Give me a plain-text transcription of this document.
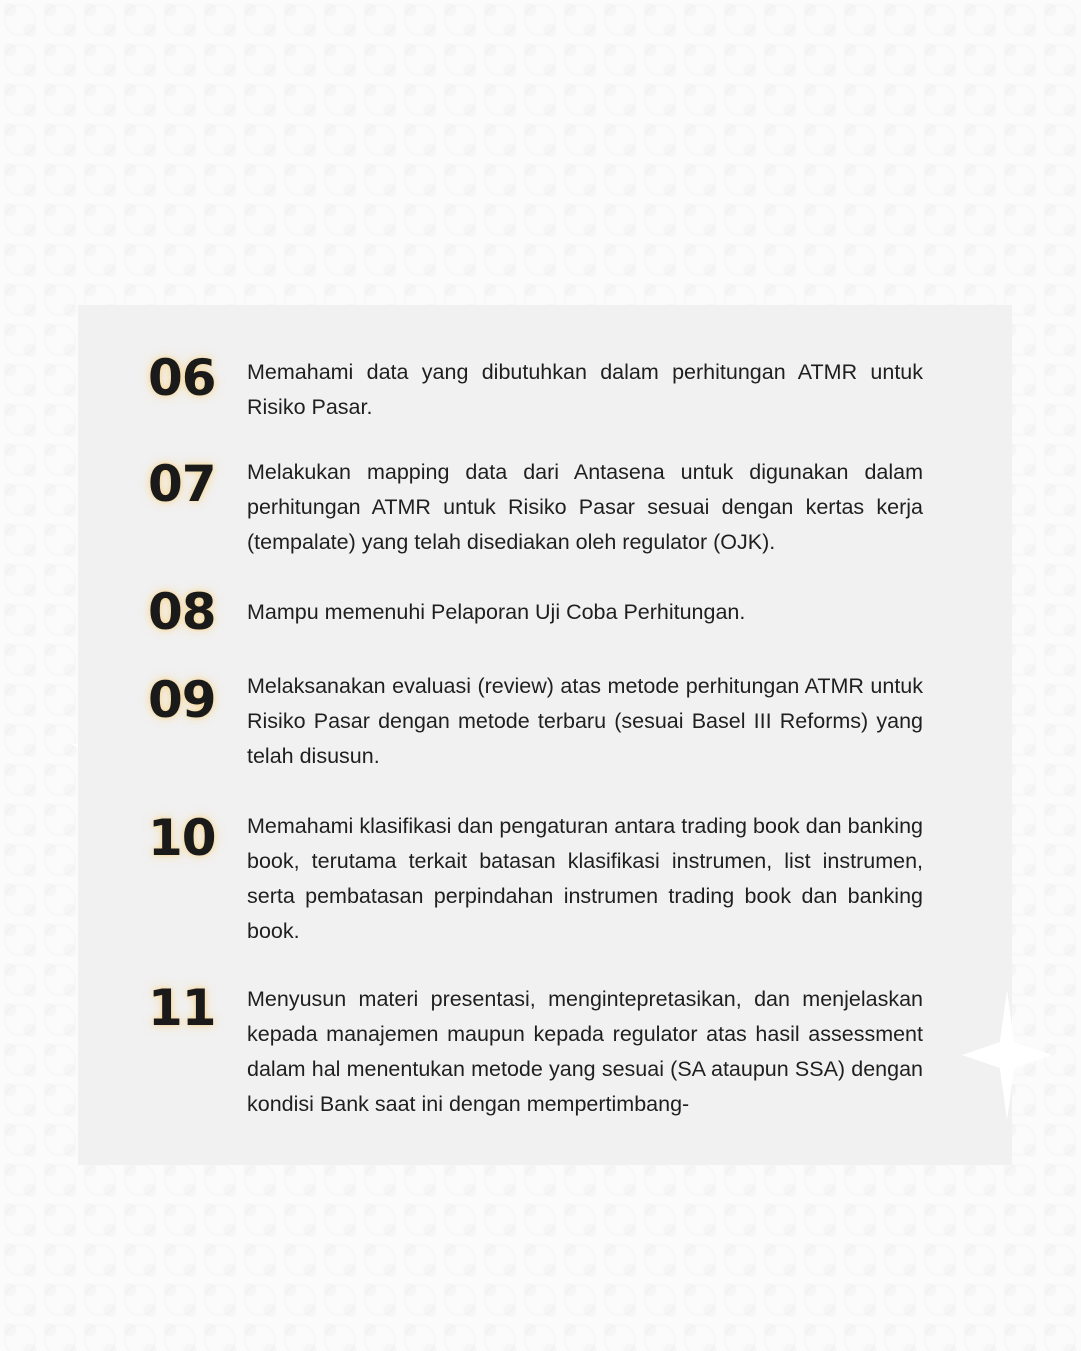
06 Memahami data yang dibutuhkan dalam perhitungan ATMR untuk Risiko Pasar.

07 Melakukan mapping data dari Antasena untuk digunakan dalam perhitungan ATMR untuk Risiko Pasar sesuai dengan kertas kerja (tempalate) yang telah disediakan oleh regulator (OJK).

08 Mampu memenuhi Pelaporan Uji Coba Perhitungan.

09 Melaksanakan evaluasi (review) atas metode perhitungan ATMR untuk Risiko Pasar dengan metode terbaru (sesuai Basel III Reforms) yang telah disusun.

10 Memahami klasifikasi dan pengaturan antara trading book dan banking book, terutama terkait batasan klasifikasi instrumen, list instrumen, serta pembatasan perpindahan instrumen trading book dan banking book.

11 Menyusun materi presentasi, mengintepretasikan, dan menjelaskan kepada manajemen maupun kepada regulator atas hasil assessment dalam hal menentukan metode yang sesuai (SA ataupun SSA) dengan kondisi Bank saat ini dengan mempertimbang-
